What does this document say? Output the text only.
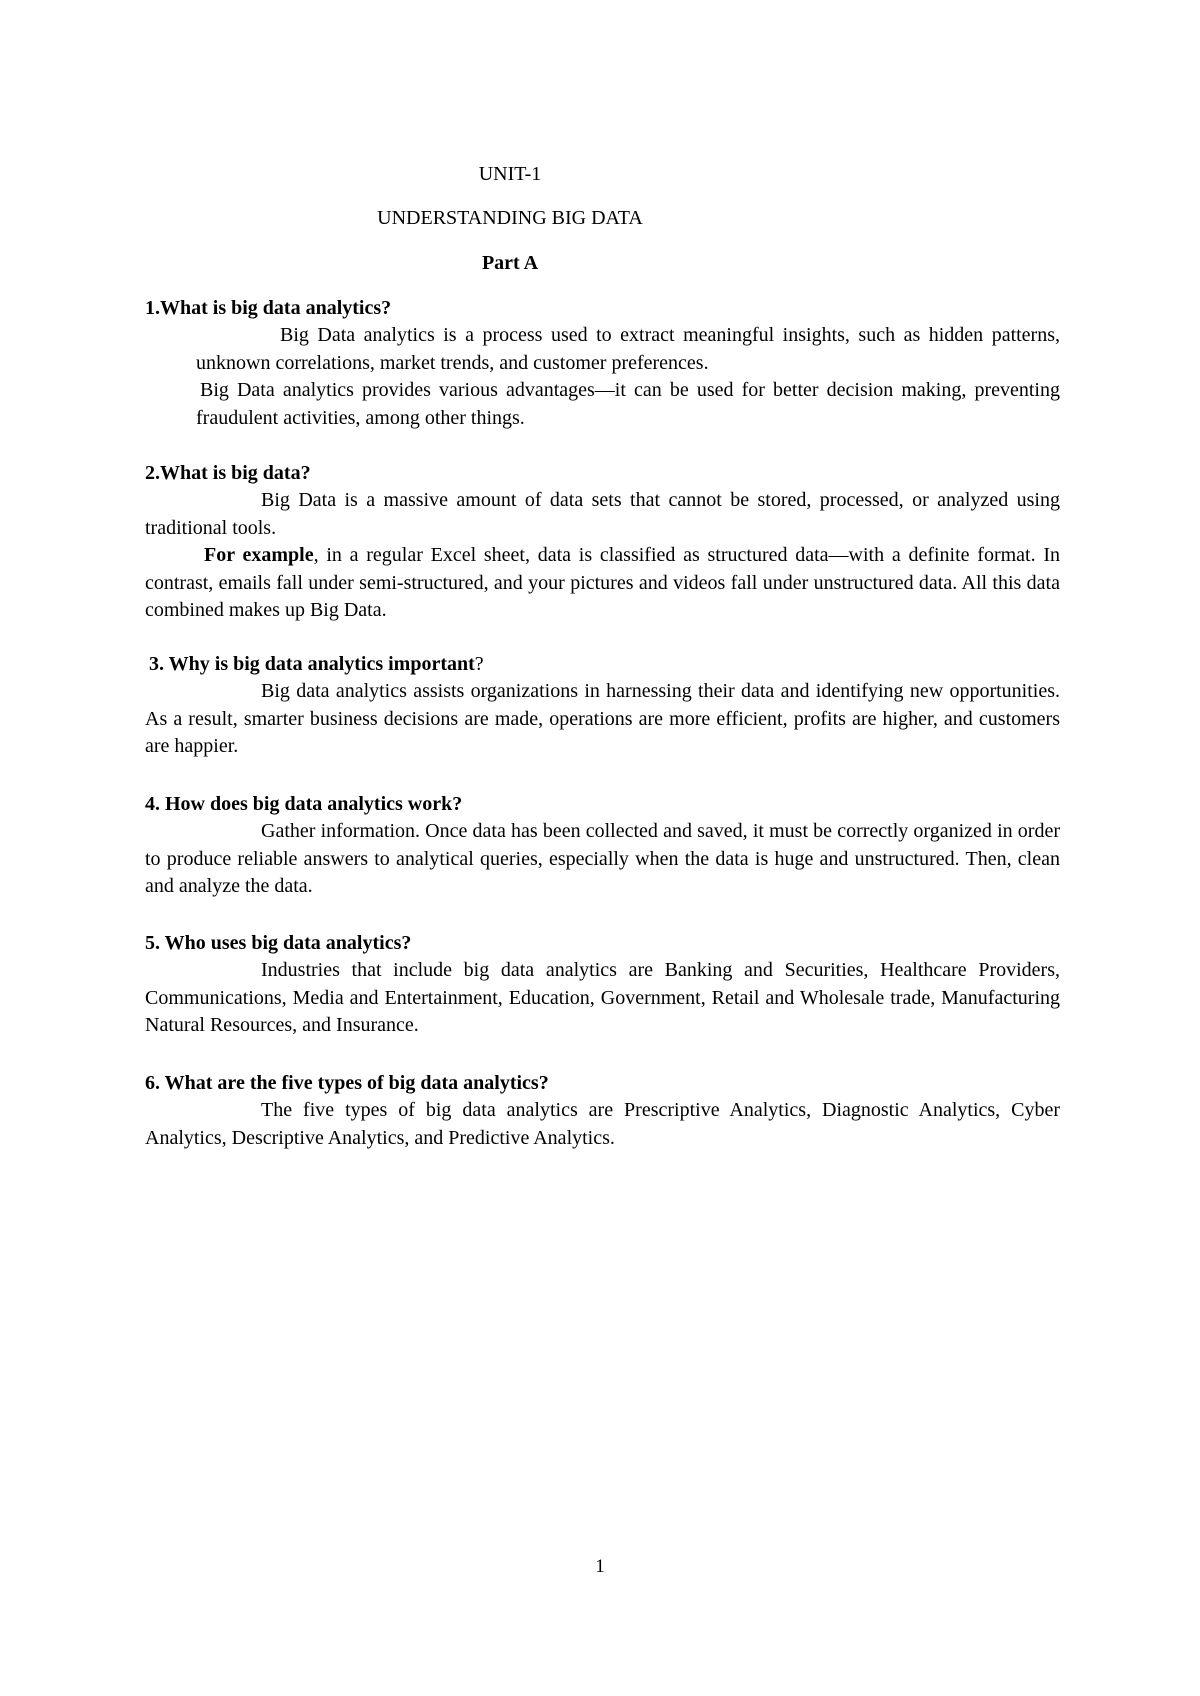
UNIT-1

UNDERSTANDING BIG DATA

Part A

1.What is big data analytics?

Big Data analytics is a process used to extract meaningful insights, such as hidden patterns, unknown correlations, market trends, and customer preferences.

Big Data analytics provides various advantages—it can be used for better decision making, preventing fraudulent activities, among other things.

2.What is big data?

Big Data is a massive amount of data sets that cannot be stored, processed, or analyzed using traditional tools.

For example, in a regular Excel sheet, data is classified as structured data—with a definite format. In contrast, emails fall under semi-structured, and your pictures and videos fall under unstructured data. All this data combined makes up Big Data.

3. Why is big data analytics important?

Big data analytics assists organizations in harnessing their data and identifying new opportunities. As a result, smarter business decisions are made, operations are more efficient, profits are higher, and customers are happier.

4. How does big data analytics work?

Gather information. Once data has been collected and saved, it must be correctly organized in order to produce reliable answers to analytical queries, especially when the data is huge and unstructured. Then, clean and analyze the data.

5. Who uses big data analytics?

Industries that include big data analytics are Banking and Securities, Healthcare Providers, Communications, Media and Entertainment, Education, Government, Retail and Wholesale trade, Manufacturing Natural Resources, and Insurance.

6. What are the five types of big data analytics?

The five types of big data analytics are Prescriptive Analytics, Diagnostic Analytics, Cyber Analytics, Descriptive Analytics, and Predictive Analytics.

1
